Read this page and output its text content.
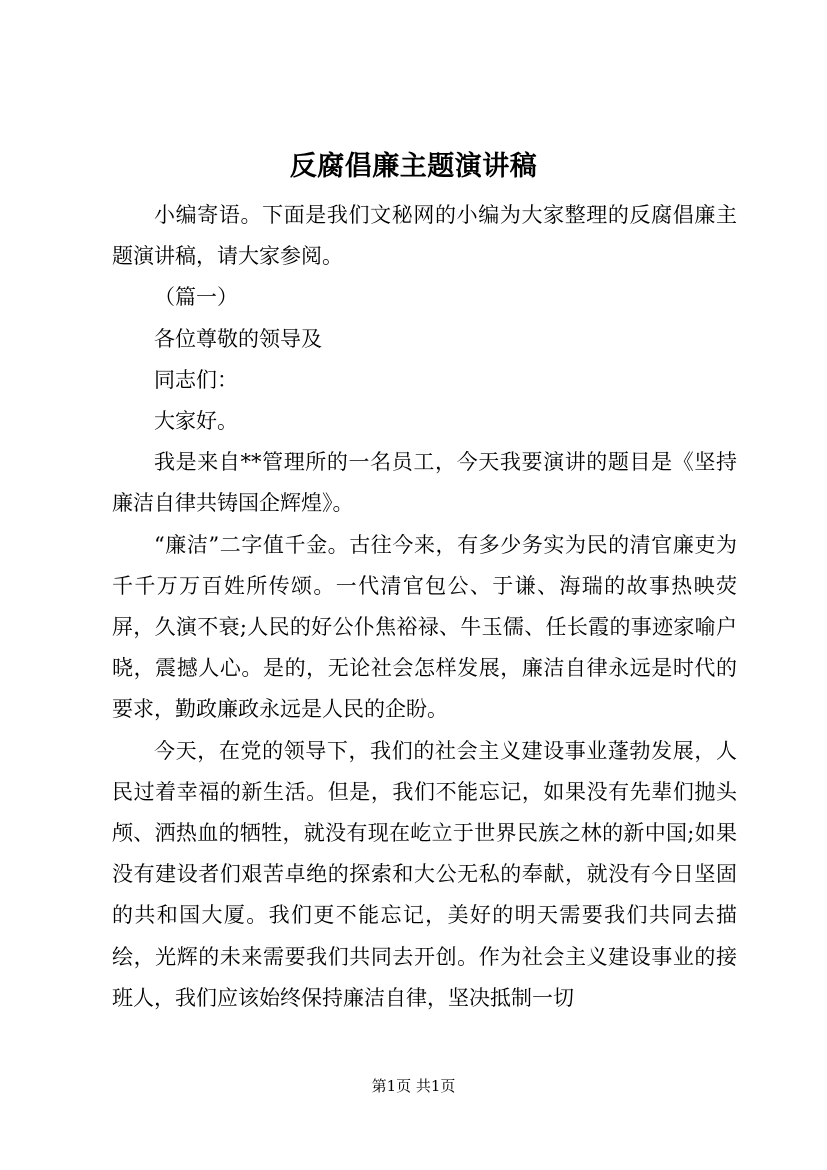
反腐倡廉主题演讲稿

小编寄语。下面是我们文秘网的小编为大家整理的反腐倡廉主题演讲稿，请大家参阅。

（篇一）

各位尊敬的领导及

同志们：

大家好。

我是来自**管理所的一名员工，今天我要演讲的题目是《坚持廉洁自律共铸国企辉煌》。

“廉洁”二字值千金。古往今来，有多少务实为民的清官廉吏为千千万万百姓所传颂。一代清官包公、于谦、海瑞的故事热映荧屏，久演不衰;人民的好公仆焦裕禄、牛玉儒、任长霞的事迹家喻户晓，震撼人心。是的，无论社会怎样发展，廉洁自律永远是时代的要求，勤政廉政永远是人民的企盼。

今天，在党的领导下，我们的社会主义建设事业蓬勃发展，人民过着幸福的新生活。但是，我们不能忘记，如果没有先辈们抛头颅、洒热血的牺牲，就没有现在屹立于世界民族之林的新中国;如果没有建设者们艰苦卓绝的探索和大公无私的奉献，就没有今日坚固的共和国大厦。我们更不能忘记，美好的明天需要我们共同去描绘，光辉的未来需要我们共同去开创。作为社会主义建设事业的接班人，我们应该始终保持廉洁自律，坚决抵制一切

第1页 共1页
